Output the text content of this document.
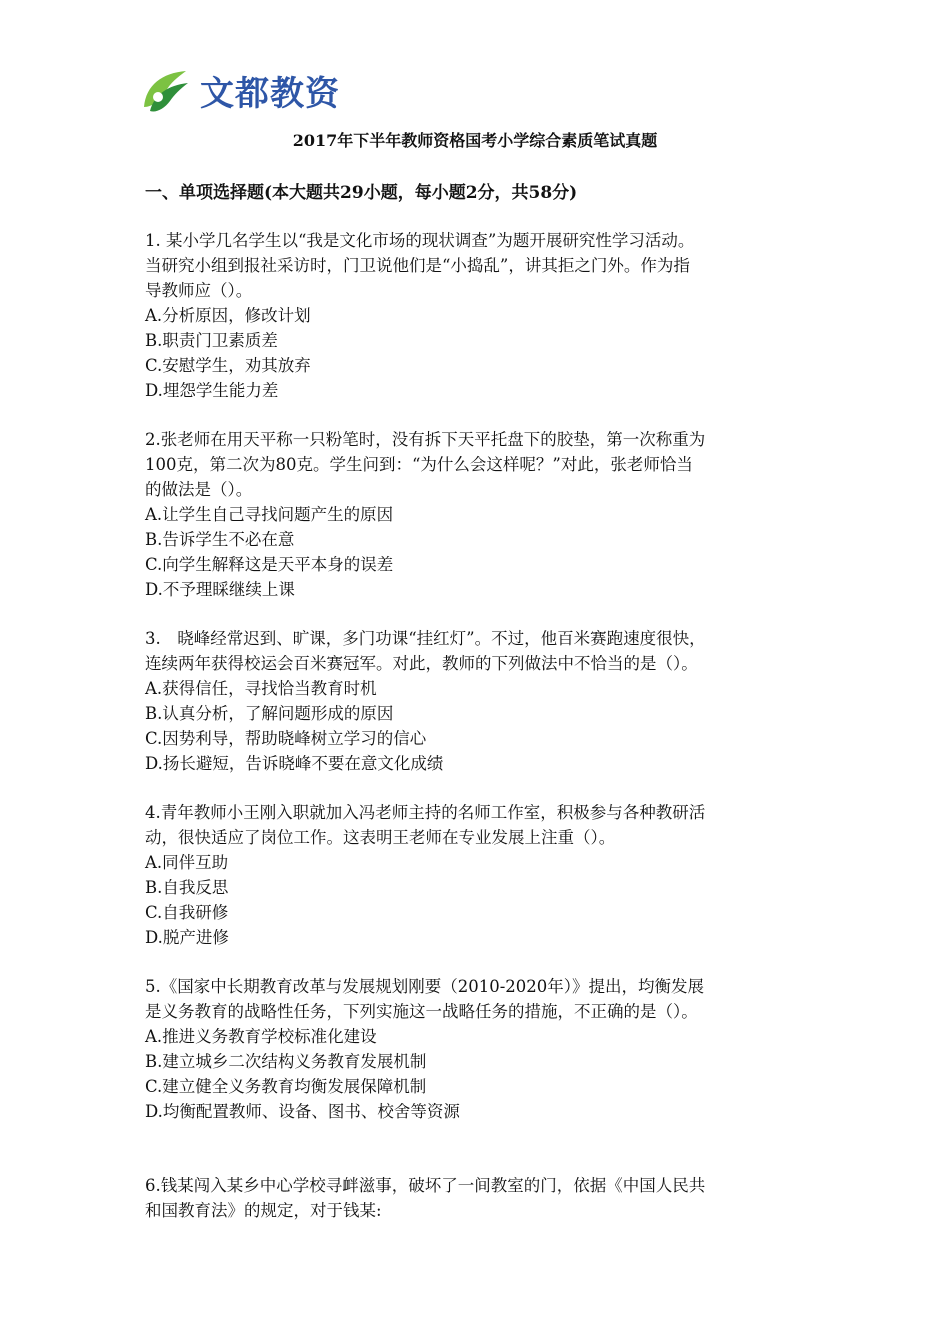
文都教资
2017年下半年教师资格国考小学综合素质笔试真题
一、单项选择题(本大题共29小题，每小题2分，共58分)

1. 某小学几名学生以“我是文化市场的现状调查”为题开展研究性学习活动。

当研究小组到报社采访时，门卫说他们是“小捣乱”，讲其拒之门外。作为指

导教师应（）。

A.分析原因，修改计划

B.职责门卫素质差

C.安慰学生，劝其放弃

D.埋怨学生能力差

2.张老师在用天平称一只粉笔时，没有拆下天平托盘下的胶垫，第一次称重为

100克，第二次为80克。学生问到：“为什么会这样呢？”对此，张老师恰当

的做法是（）。

A.让学生自己寻找问题产生的原因

B.告诉学生不必在意

C.向学生解释这是天平本身的误差

D.不予理睬继续上课

3.　晓峰经常迟到、旷课，多门功课“挂红灯”。不过，他百米赛跑速度很快，

连续两年获得校运会百米赛冠军。对此，教师的下列做法中不恰当的是（）。

A.获得信任，寻找恰当教育时机

B.认真分析，了解问题形成的原因

C.因势利导，帮助晓峰树立学习的信心

D.扬长避短，告诉晓峰不要在意文化成绩

4.青年教师小王刚入职就加入冯老师主持的名师工作室，积极参与各种教研活

动，很快适应了岗位工作。这表明王老师在专业发展上注重（）。

A.同伴互助

B.自我反思

C.自我研修

D.脱产进修

5.《国家中长期教育改革与发展规划刚要（2010-2020年）》提出，均衡发展

是义务教育的战略性任务，下列实施这一战略任务的措施，不正确的是（）。

A.推进义务教育学校标准化建设

B.建立城乡二次结构义务教育发展机制

C.建立健全义务教育均衡发展保障机制

D.均衡配置教师、设备、图书、校舍等资源

6.钱某闯入某乡中心学校寻衅滋事，破坏了一间教室的门，依据《中国人民共

和国教育法》的规定，对于钱某:
